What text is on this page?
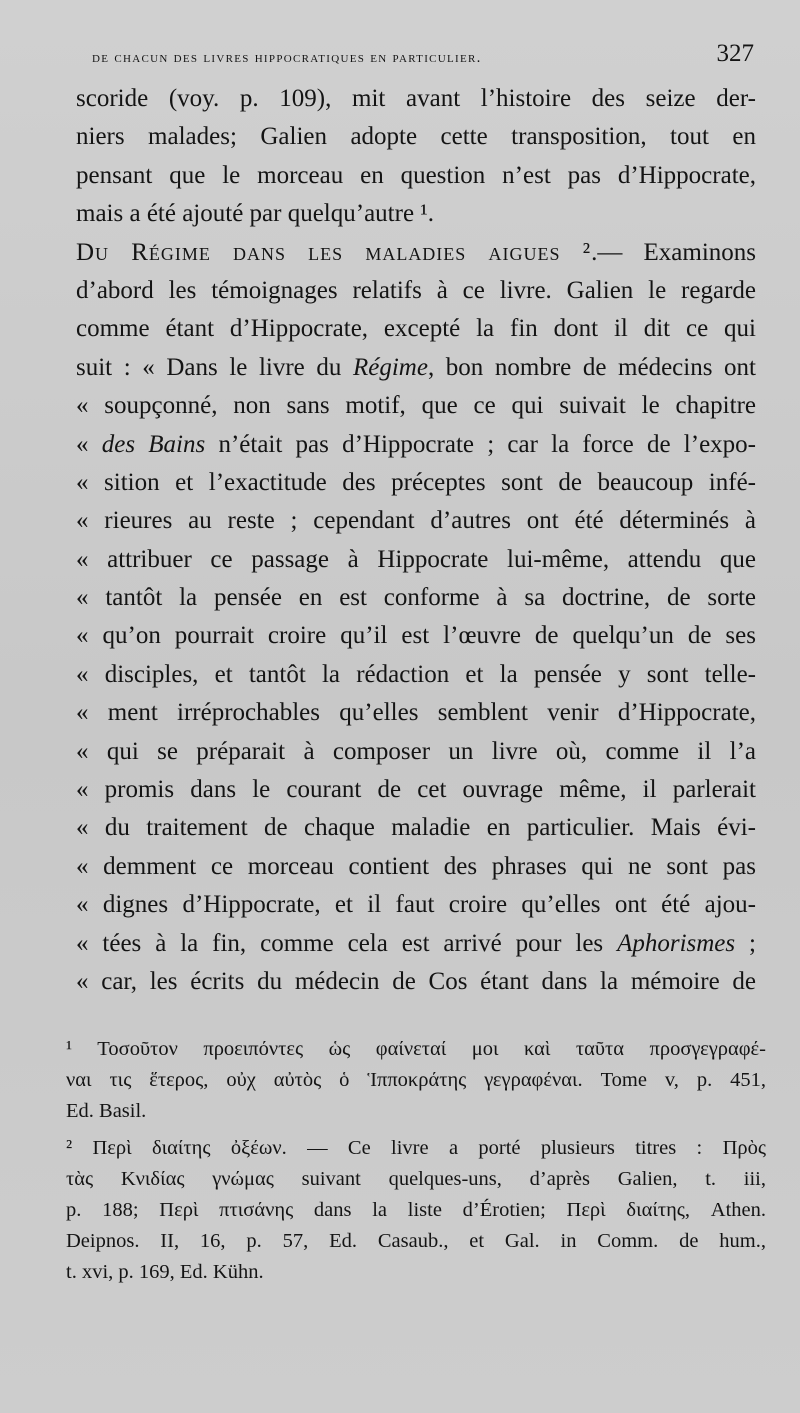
de chacun des livres hippocratiques en particulier.	327
scoride (voy. p. 109), mit avant l’histoire des seize der-
niers malades; Galien adopte cette transposition, tout en
pensant que le morceau en question n’est pas d’Hippocrate,
mais a été ajouté par quelqu’autre ¹.
Du Régime dans les maladies aigues ².— Examinons
d’abord les témoignages relatifs à ce livre. Galien le regarde
comme étant d’Hippocrate, excepté la fin dont il dit ce qui
suit : « Dans le livre du Régime, bon nombre de médecins ont
« soupçonné, non sans motif, que ce qui suivait le chapitre
« des Bains n’était pas d’Hippocrate ; car la force de l’expo-
« sition et l’exactitude des préceptes sont de beaucoup infé-
« rieures au reste ; cependant d’autres ont été déterminés à
« attribuer ce passage à Hippocrate lui-même, attendu que
« tantôt la pensée en est conforme à sa doctrine, de sorte
« qu’on pourrait croire qu’il est l’œuvre de quelqu’un de ses
« disciples, et tantôt la rédaction et la pensée y sont telle-
« ment irréprochables qu’elles semblent venir d’Hippocrate,
« qui se préparait à composer un livre où, comme il l’a
« promis dans le courant de cet ouvrage même, il parlerait
« du traitement de chaque maladie en particulier. Mais évi-
« demment ce morceau contient des phrases qui ne sont pas
« dignes d’Hippocrate, et il faut croire qu’elles ont été ajou-
« tées à la fin, comme cela est arrivé pour les Aphorismes ;
« car, les écrits du médecin de Cos étant dans la mémoire de
¹ Τοσοῦτον προειπόντες ὡς φαίνεταί μοι καὶ ταῦτα προσγεγραφέ-
ναι τις ἕτερος, οὐχ αὐτὸς ὁ Ἱπποκράτης γεγραφέναι. Tome v, p. 451,
Ed. Basil.
² Περὶ διαίτης ὀξέων. — Ce livre a porté plusieurs titres : Πρὸς
τὰς Κνιδίας γνώμας suivant quelques-uns, d’après Galien, t. iii,
p. 188; Περὶ πτισάνης dans la liste d’Érotien; Περὶ διαίτης, Athen.
Deipnos. II, 16, p. 57, Ed. Casaub., et Gal. in Comm. de hum.,
t. xvi, p. 169, Ed. Kühn.
